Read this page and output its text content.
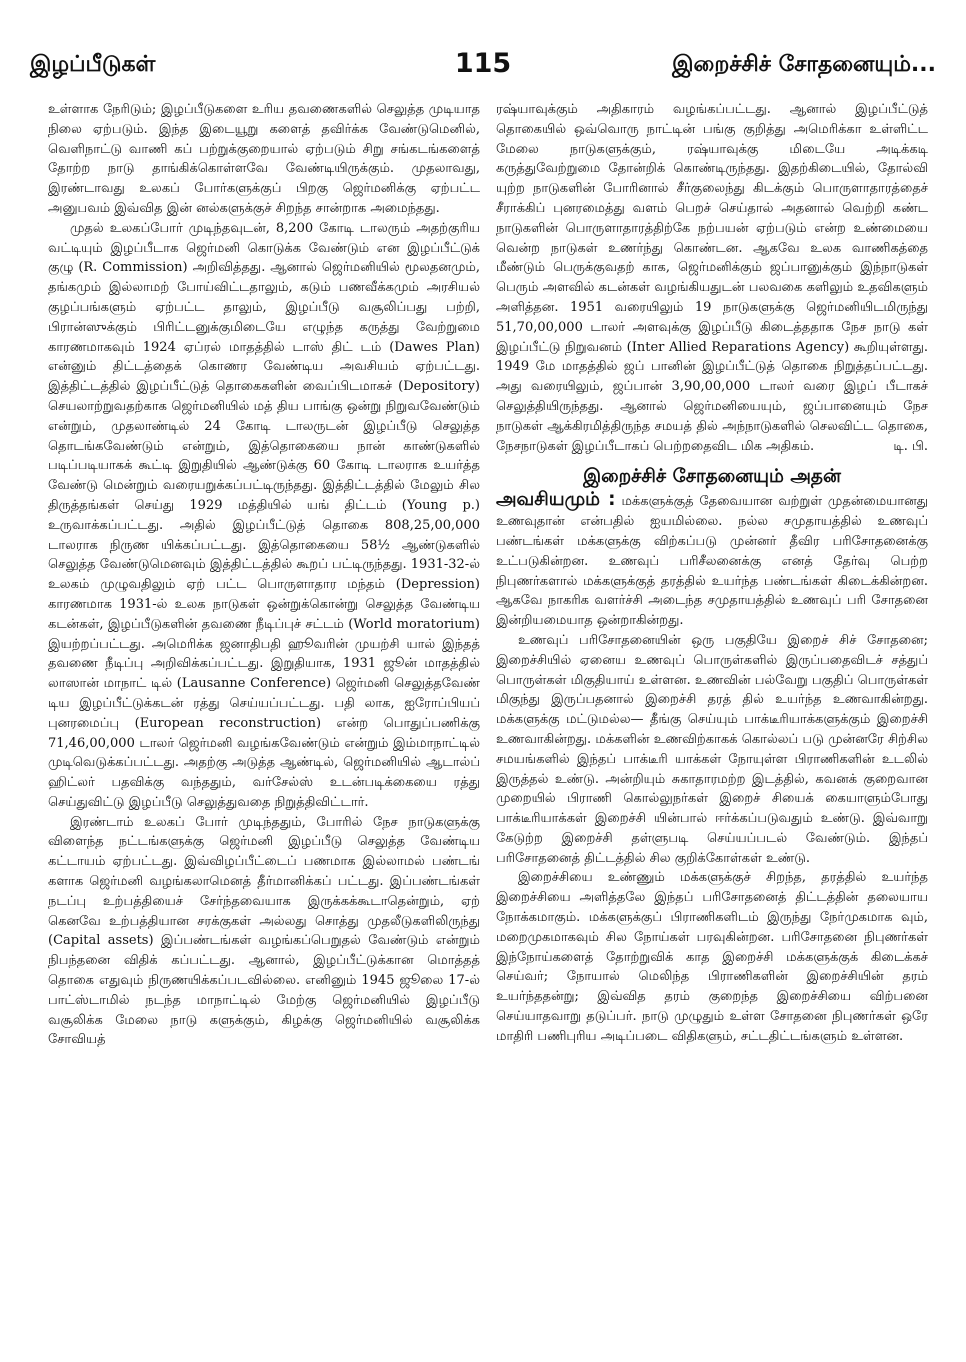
இழப்பீடுகள்	115	இறைச்சிச் சோதனையும்...

உள்ளாக நேரிடும்; இழப்பீடுகளை உரிய தவணைகளில் செலுத்த முடியாத நிலை ஏற்படும். இந்த இடையூறு களைத் தவிர்க்க வேண்டுமெனில், வெளிநாட்டு வாணி கப் பற்றுக்குறையால் ஏற்படும் சிறு சங்கடங்களைத் தோற்ற நாடு தாங்கிக்கொள்ளவே வேண்டியிருக்கும். முதலாவது, இரண்டாவது உலகப் போர்களுக்குப் பிறகு ஜெர்மனிக்கு ஏற்பட்ட அனுபவம் இவ்வித இன் னல்களுக்குச் சிறந்த சான்றாக அமைந்தது.

முதல் உலகப்போர் முடிந்தவுடன், 8,200 கோடி டாலரும் அதற்குரிய வட்டியும் இழப்பீடாக ஜெர்மனி கொடுக்க வேண்டும் என இழப்பீட்டுக் குழு (R. Commission) அறிவித்தது. ஆனால் ஜெர்மனியில் மூலதனமும், தங்கமும் இல்லாமற் போய்விட்டதாலும், கடும் பணவீக்கமும் அரசியல் குழப்பங்களும் ஏற்பட்ட தாலும், இழப்பீடு வசூலிப்பது பற்றி, பிரான்ஸுக்கும் பிரிட்டனுக்குமிடையே எழுந்த கருத்து வேற்றுமை காரணமாகவும் 1924 ஏப்ரல் மாதத்தில் டாஸ் திட் டம் (Dawes Plan) என்னும் திட்டத்தைக் கொணர வேண்டிய அவசியம் ஏற்பட்டது. இத்திட்டத்தில் இழப்பீட்டுத் தொகைகளின் வைப்பிடமாகச் (Depository) செயலாற்றுவதற்காக ஜெர்மனியில் மத் திய பாங்கு ஒன்று நிறுவவேண்டும் என்றும், முதலாண்டில் 24 கோடி டாலருடன் இழப்பீடு செலுத்த தொடங்கவேண்டும் என்றும், இத்தொகையை நான் காண்டுகளில் படிப்படியாகக் கூட்டி இறுதியில் ஆண்டுக்கு 60 கோடி டாலராக உயர்த்த வேண்டு மென்றும் வரையறுக்கப்பட்டிருந்தது. இத்திட்டத்தில் மேலும் சில திருத்தங்கள் செய்து 1929 மத்தியில் யங் திட்டம் (Young p.) உருவாக்கப்பட்டது. அதில் இழப்பீட்டுத் தொகை 808,25,00,000 டாலராக நிருண யிக்கப்பட்டது. இத்தொகையை 58½ ஆண்டுகளில் செலுத்த வேண்டுமெனவும் இத்திட்டத்தில் கூறப் பட்டிருந்தது. 1931-32-ல் உலகம் முழுவதிலும் ஏற் பட்ட பொருளாதார மந்தம் (Depression) காரணமாக 1931-ல் உலக நாடுகள் ஒன்றுக்கொன்று செலுத்த வேண்டிய கடன்கள், இழப்பீடுகளின் தவணை நீடிப்புச் சட்டம் (World moratorium) இயற்றப்பட்டது. அமெரிக்க ஜனாதிபதி ஹூவரின் முயற்சி யால் இந்தத் தவணை நீடிப்பு அறிவிக்கப்பட்டது. இறுதியாக, 1931 ஜூன் மாதத்தில் லாஸான் மாநாட் டில் (Lausanne Conference) ஜெர்மனி செலுத்தவேண் டிய இழப்பீட்டுக்கடன் ரத்து செய்யப்பட்டது. பதி லாக, ஐரோப்பியப் புனரமைப்பு (European reconstruction) என்ற பொதுப்பணிக்கு 71,46,00,000 டாலர் ஜெர்மனி வழங்கவேண்டும் என்றும் இம்மாநாட்டில் முடிவெடுக்கப்பட்டது. அதற்கு அடுத்த ஆண்டில், ஜெர்மனியில் ஆடால்ப் ஹிட்லர் பதவிக்கு வந்ததும், வர்சேல்ஸ் உடன்படிக்கையை ரத்து செய்துவிட்டு இழப்பீடு செலுத்துவதை நிறுத்திவிட்டார்.

இரண்டாம் உலகப் போர் முடிந்ததும், போரில் நேச நாடுகளுக்கு விளைந்த நட்டங்களுக்கு ஜெர்மனி இழப்பீடு செலுத்த வேண்டிய கட்டாயம் ஏற்பட்டது. இவ்விழப்பீட்டைப் பணமாக இல்லாமல் பண்டங் களாக ஜெர்மனி வழங்கலாமெனத் தீர்மானிக்கப் பட்டது. இப்பண்டங்கள் நடப்பு உற்பத்தியைச் சேர்ந்தவையாக இருக்கக்கூடாதென்றும், ஏற் கெனவே உற்பத்தியான சரக்குகள் அல்லது சொத்து முதலீடுகளிலிருந்து (Capital assets) இப்பண்டங்கள் வழங்கப்பெறுதல் வேண்டும் என்றும் நிபந்தனை விதிக் கப்பட்டது. ஆனால், இழப்பீட்டுக்கான மொத்தத் தொகை எதுவும் நிருணயிக்கப்படவில்லை. எனினும் 1945 ஜூலை 17-ல் பாட்ஸ்டாமில் நடந்த மாநாட்டில் மேற்கு ஜெர்மனியில் இழப்பீடு வசூலிக்க மேலை நாடு களுக்கும், கிழக்கு ஜெர்மனியில் வசூலிக்க சோவியத்

ரஷ்யாவுக்கும் அதிகாரம் வழங்கப்பட்டது. ஆனால் இழப்பீட்டுத் தொகையில் ஒவ்வொரு நாட்டின் பங்கு குறித்து அமெரிக்கா உள்ளிட்ட மேலை நாடுகளுக்கும், ரஷ்யாவுக்கு மிடையே அடிக்கடி கருத்துவேற்றுமை தோன்றிக் கொண்டிருந்தது. இதற்கிடையில், தோல்வி யுற்ற நாடுகளின் போரினால் சீர்குலைந்து கிடக்கும் பொருளாதாரத்தைச் சீராக்கிப் புனரமைத்து வளம் பெறச் செய்தால் அதனால் வெற்றி கண்ட நாடுகளின் பொருளாதாரத்திற்கே நற்பயன் ஏற்படும் என்ற உண்மையை வென்ற நாடுகள் உணர்ந்து கொண்டன. ஆகவே உலக வாணிகத்தை மீண்டும் பெருக்குவதற் காக, ஜெர்மனிக்கும் ஜப்பானுக்கும் இந்நாடுகள் பெரும் அளவில் கடன்கள் வழங்கியதுடன் பலவகை களிலும் உதவிகளும் அளித்தன. 1951 வரையிலும் 19 நாடுகளுக்கு ஜெர்மனியிடமிருந்து 51,70,00,000 டாலர் அளவுக்கு இழப்பீடு கிடைத்ததாக நேச நாடு கள் இழப்பீட்டு நிறுவனம் (Inter Allied Reparations Agency) கூறியுள்ளது. 1949 மே மாதத்தில் ஜப் பானின் இழப்பீட்டுத் தொகை நிறுத்தப்பட்டது. அது வரையிலும், ஜப்பான் 3,90,00,000 டாலர் வரை இழப் பீடாகச் செலுத்தியிருந்தது. ஆனால் ஜெர்மனியையும், ஜப்பானையும் நேச நாடுகள் ஆக்கிரமித்திருந்த சமயத் தில் அந்நாடுகளில் செலவிட்ட தொகை, நேசநாடுகள் இழப்பீடாகப் பெற்றதைவிட மிக அதிகம்.	டி. பி.
இறைச்சிச் சோதனையும் அதன்

அவசியமும் : மக்களுக்குத் தேவையான வற்றுள் முதன்மையானது உணவுதான் என்பதில் ஐயமில்லை. நல்ல சமுதாயத்தில் உணவுப் பண்டங்கள் மக்களுக்கு விற்கப்படு முன்னர் தீவிர பரிசோதனைக்கு உட்படுகின்றன. உணவுப் பரிசீலனைக்கு எனத் தேர்வு பெற்ற நிபுணர்களால் மக்களுக்குத் தரத்தில் உயர்ந்த பண்டங்கள் கிடைக்கின்றன. ஆகவே நாகரிக வளர்ச்சி அடைந்த சமுதாயத்தில் உணவுப் பரி சோதனை இன்றியமையாத ஒன்றாகின்றது.

உணவுப் பரிசோதனையின் ஒரு பகுதியே இறைச் சிச் சோதனை; இறைச்சியில் ஏனைய உணவுப் பொருள்களில் இருப்பதைவிடச் சத்துப் பொருள்கள் மிகுதியாய் உள்ளன. உணவின் பல்வேறு பகுதிப் பொருள்கள் மிகுந்து இருப்பதனால் இறைச்சி தரத் தில் உயர்ந்த உணவாகின்றது. மக்களுக்கு மட்டுமல்ல— தீங்கு செய்யும் பாக்டீரியாக்களுக்கும் இறைச்சி உணவாகின்றது. மக்களின் உணவிற்காகக் கொல்லப் படு முன்னரே சிற்சில சமயங்களில் இந்தப் பாக்டீரி யாக்கள் நோயுள்ள பிராணிகளின் உடலில் இருத்தல் உண்டு. அன்றியும் சுகாதாரமற்ற இடத்தில், கவனக் குறைவான முறையில் பிராணி கொல்லுநர்கள் இறைச் சியைக் கையாளும்போது பாக்டீரியாக்கள் இறைச்சி யின்பால் ஈர்க்கப்படுவதும் உண்டு. இவ்வாறு கேடுற்ற இறைச்சி தள்ளுபடி செய்யப்படல் வேண்டும். இந்தப் பரிசோதனைத் திட்டத்தில் சில குறிக்கோள்கள் உண்டு.

இறைச்சியை உண்ணும் மக்களுக்குச் சிறந்த, தரத்தில் உயர்ந்த இறைச்சியை அளித்தலே இந்தப் பரிசோதனைத் திட்டத்தின் தலையாய நோக்கமாகும். மக்களுக்குப் பிராணிகளிடம் இருந்து நேர்முகமாக வும், மறைமுகமாகவும் சில நோய்கள் பரவுகின்றன. பரிசோதனை நிபுணர்கள் இந்நோய்களைத் தோற்றுவிக் காத இறைச்சி மக்களுக்குக் கிடைக்கச் செய்வர்; நோயால் மெலிந்த பிராணிகளின் இறைச்சியின் தரம் உயர்ந்ததன்று; இவ்வித தரம் குறைந்த இறைச்சியை விற்பனை செய்யாதவாறு தடுப்பர். நாடு முழுதும் உள்ள சோதனை நிபுணர்கள் ஒரே மாதிரி பணிபுரிய அடிப்படை விதிகளும், சட்டதிட்டங்களும் உள்ளன.
